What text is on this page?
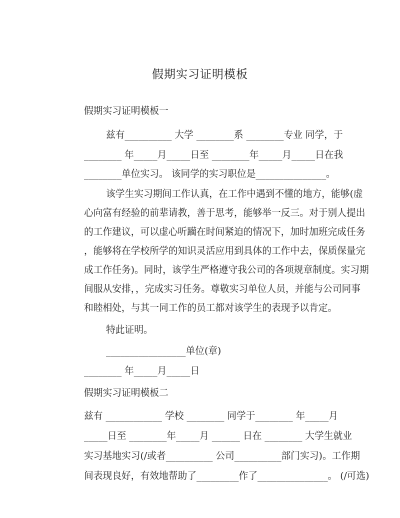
假期实习证明模板
假期实习证明模板一
兹有__________ 大学 ________系 ________专业 同学，于
________ 年_____月_____日至 ________年_____月_____日在我
________单位实习。 该同学的实习职位是_______________。
该学生实习期间工作认真，在工作中遇到不懂的地方，能够(虚
心向富有经验的前辈请教，善于思考，能够举一反三。对于别人提出
的工作建议，可以虚心听躏在时间紧迫的情况下，加时加班完成任务
，能够将在学校所学的知识灵活应用到具体的工作中去，保质保量完
成工作任务)。同时，该学生严格遵守我公司的各项规章制度。实习期
间服从安排，，完成实习任务。尊敬实习单位人员，并能与公司同事
和睦相处，与其一同工作的员工都对该学生的表现予以肯定。
特此证明。
_________________单位(章)
________ 年_____月_____日
假期实习证明模板二
兹有 ____________ 学校 ________ 同学于________ 年_____月
_____日至 ________年_____月 ______ 日在 ________ 大学生就业
实习基地实习(/或者__________ 公司__________部门实习)。工作期
间表现良好，有效地帮助了_________作了_______________。 (/可选)
